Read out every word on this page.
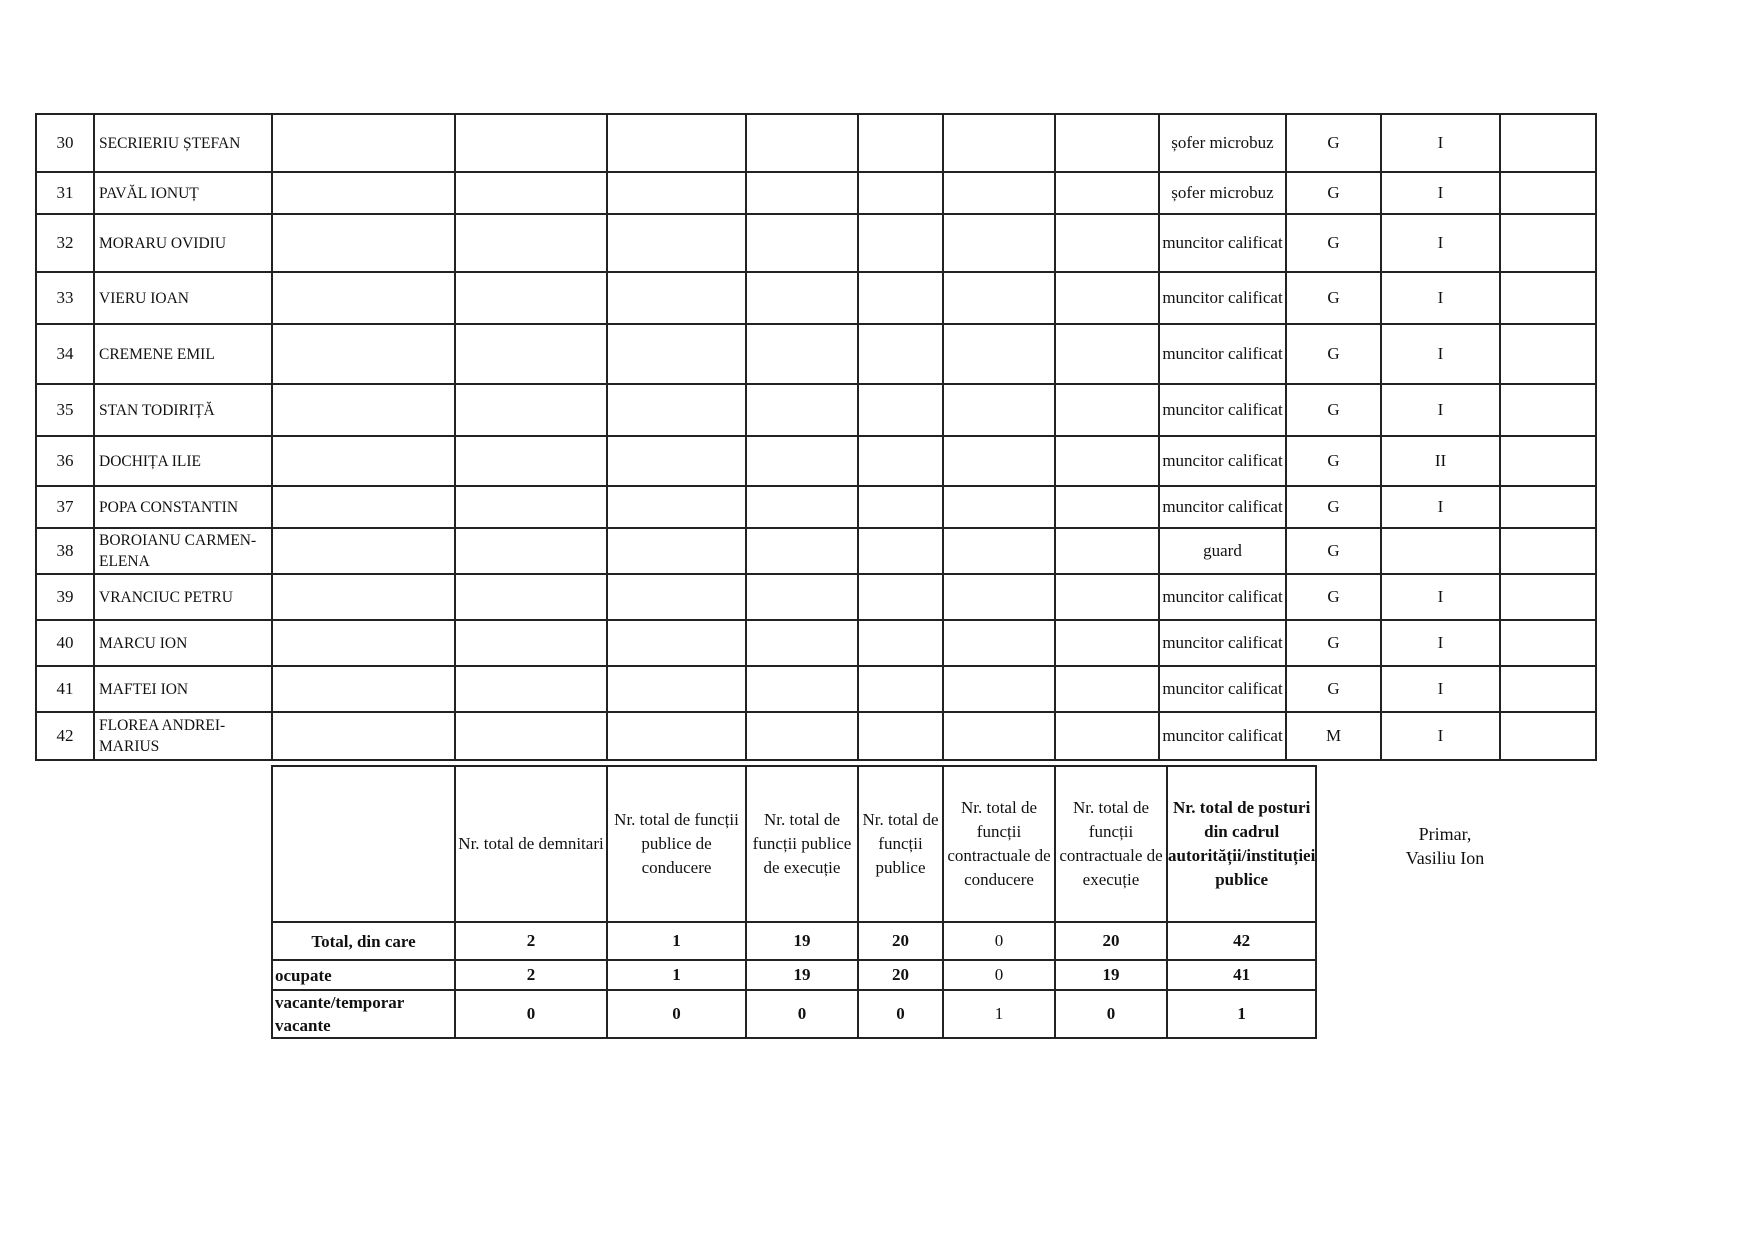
30	SECRIERIU ȘTEFAN								șofer microbuz	G	I	
31	PAVĂL IONUȚ								șofer microbuz	G	I	
32	MORARU OVIDIU								muncitor calificat	G	I	
33	VIERU IOAN								muncitor calificat	G	I	
34	CREMENE EMIL								muncitor calificat	G	I	
35	STAN TODIRIȚĂ								muncitor calificat	G	I	
36	DOCHIȚA ILIE								muncitor calificat	G	II	
37	POPA CONSTANTIN								muncitor calificat	G	I	
38	BOROIANU CARMEN-ELENA								guard	G		
39	VRANCIUC PETRU								muncitor calificat	G	I	
40	MARCU ION								muncitor calificat	G	I	
41	MAFTEI ION								muncitor calificat	G	I	
42	FLOREA ANDREI-MARIUS								muncitor calificat	M	I	
	Nr. total de demnitari	Nr. total de funcții publice de conducere	Nr. total de funcții publice de execuție	Nr. total de funcții publice	Nr. total de funcții contractuale de conducere	Nr. total de funcții contractuale de execuție	Nr. total de posturi din cadrul autorității/instituției publice
Total, din care	2	1	19	20	0	20	42
ocupate	2	1	19	20	0	19	41
vacante/temporar vacante	0	0	0	0	1	0	1
Primar,
Vasiliu Ion
